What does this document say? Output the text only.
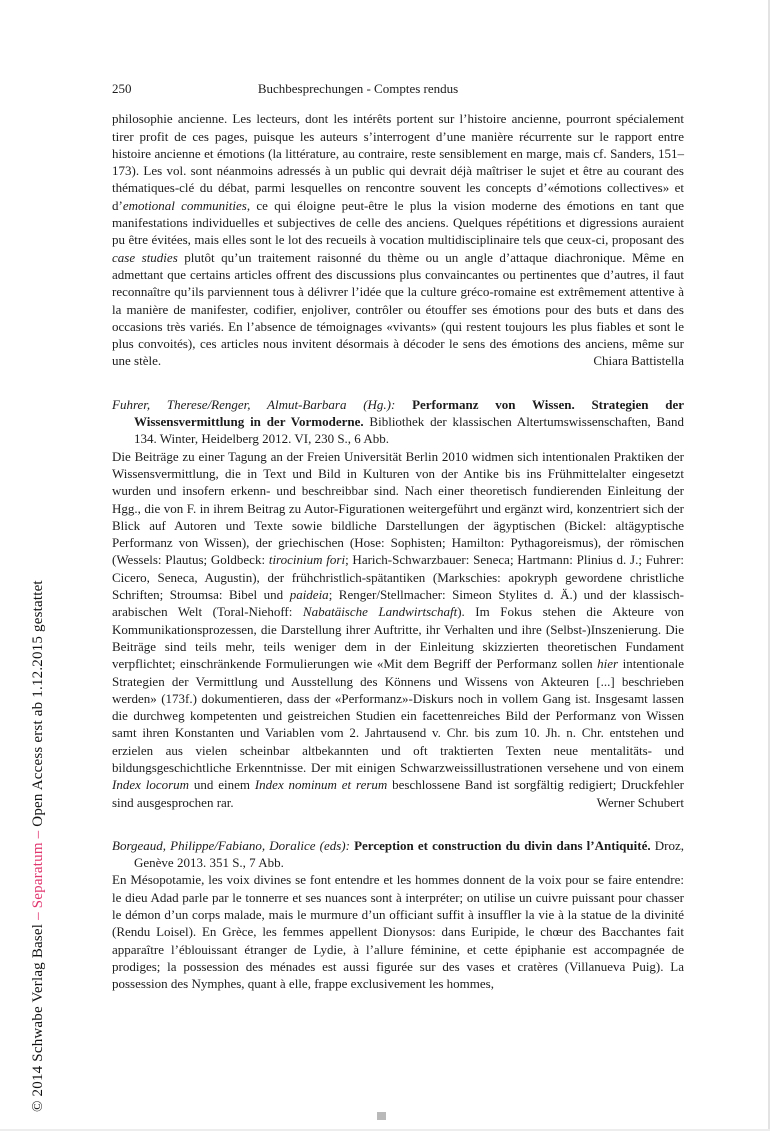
© 2014 Schwabe Verlag Basel – Separatum – Open Access erst ab 1.12.2015 gestattet
250	Buchbesprechungen - Comptes rendus

philosophie ancienne. Les lecteurs, dont les intérêts portent sur l’histoire ancienne, pourront spécialement tirer profit de ces pages, puisque les auteurs s’interrogent d’une manière récurrente sur le rapport entre histoire ancienne et émotions (la littérature, au contraire, reste sensiblement en marge, mais cf. Sanders, 151–173). Les vol. sont néanmoins adressés à un public qui devrait déjà maîtriser le sujet et être au courant des thématiques-clé du débat, parmi lesquelles on rencontre souvent les concepts d’«émotions collectives» et d’emotional communities, ce qui éloigne peut-être le plus la vision moderne des émotions en tant que manifestations individuelles et subjectives de celle des anciens. Quelques répétitions et digressions auraient pu être évitées, mais elles sont le lot des recueils à vocation multidisciplinaire tels que ceux-ci, proposant des case studies plutôt qu’un traitement raisonné du thème ou un angle d’attaque diachronique. Même en admettant que certains articles offrent des discussions plus convaincantes ou pertinentes que d’autres, il faut reconnaître qu’ils parviennent tous à délivrer l’idée que la culture gréco-romaine est extrêmement attentive à la manière de manifester, codifier, enjoliver, contrôler ou étouffer ses émotions pour des buts et dans des occasions très variés. En l’absence de témoignages «vivants» (qui restent toujours les plus fiables et sont le plus convoités), ces articles nous invitent désormais à décoder le sens des émotions des anciens, même sur une stèle.	Chiara Battistella

Fuhrer, Therese/Renger, Almut-Barbara (Hg.): Performanz von Wissen. Strategien der Wissensvermittlung in der Vormoderne. Bibliothek der klassischen Altertumswissenschaften, Band 134. Winter, Heidelberg 2012. VI, 230 S., 6 Abb.

Die Beiträge zu einer Tagung an der Freien Universität Berlin 2010 widmen sich intentionalen Praktiken der Wissensvermittlung, die in Text und Bild in Kulturen von der Antike bis ins Frühmittelalter eingesetzt wurden und insofern erkenn- und beschreibbar sind. Nach einer theoretisch fundierenden Einleitung der Hgg., die von F. in ihrem Beitrag zu Autor-Figurationen weitergeführt und ergänzt wird, konzentriert sich der Blick auf Autoren und Texte sowie bildliche Darstellungen der ägyptischen (Bickel: altägyptische Performanz von Wissen), der griechischen (Hose: Sophisten; Hamilton: Pythagoreismus), der römischen (Wessels: Plautus; Goldbeck: tirocinium fori; Harich-Schwarzbauer: Seneca; Hartmann: Plinius d. J.; Fuhrer: Cicero, Seneca, Augustin), der frühchristlich-spätantiken (Markschies: apokryph gewordene christliche Schriften; Stroumsa: Bibel und paideia; Renger/Stellmacher: Simeon Stylites d. Ä.) und der klassisch-arabischen Welt (Toral-Niehoff: Nabatäische Landwirtschaft). Im Fokus stehen die Akteure von Kommunikationsprozessen, die Darstellung ihrer Auftritte, ihr Verhalten und ihre (Selbst-)Inszenierung. Die Beiträge sind teils mehr, teils weniger dem in der Einleitung skizzierten theoretischen Fundament verpflichtet; einschränkende Formulierungen wie «Mit dem Begriff der Performanz sollen hier intentionale Strategien der Vermittlung und Ausstellung des Könnens und Wissens von Akteuren [...] beschrieben werden» (173f.) dokumentieren, dass der «Performanz»-Diskurs noch in vollem Gang ist. Insgesamt lassen die durchweg kompetenten und geistreichen Studien ein facettenreiches Bild der Performanz von Wissen samt ihren Konstanten und Variablen vom 2. Jahrtausend v. Chr. bis zum 10. Jh. n. Chr. entstehen und erzielen aus vielen scheinbar altbekannten und oft traktierten Texten neue mentalitäts- und bildungsgeschichtliche Erkenntnisse. Der mit einigen Schwarzweissillustrationen versehene und von einem Index locorum und einem Index nominum et rerum beschlossene Band ist sorgfältig redigiert; Druckfehler sind ausgesprochen rar.	Werner Schubert

Borgeaud, Philippe/Fabiano, Doralice (eds): Perception et construction du divin dans l’Antiquité. Droz, Genève 2013. 351 S., 7 Abb.

En Mésopotamie, les voix divines se font entendre et les hommes donnent de la voix pour se faire entendre: le dieu Adad parle par le tonnerre et ses nuances sont à interpréter; on utilise un cuivre puissant pour chasser le démon d’un corps malade, mais le murmure d’un officiant suffit à insuffler la vie à la statue de la divinité (Rendu Loisel). En Grèce, les femmes appellent Dionysos: dans Euripide, le chœur des Bacchantes fait apparaître l’éblouissant étranger de Lydie, à l’allure féminine, et cette épiphanie est accompagnée de prodiges; la possession des ménades est aussi figurée sur des vases et cratères (Villanueva Puig). La possession des Nymphes, quant à elle, frappe exclusivement les hommes,
